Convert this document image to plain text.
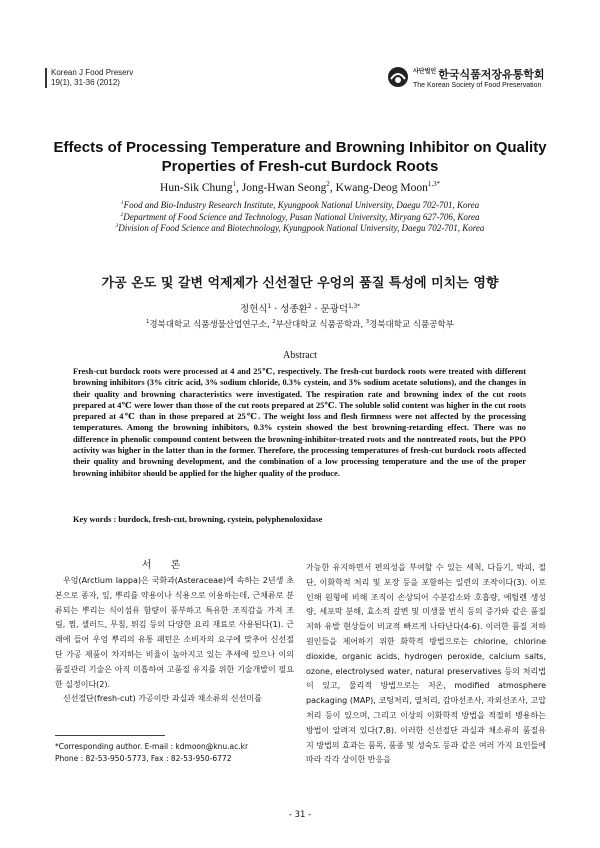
Korean J Food Preserv
19(1), 31-36 (2012)
$^{사단법인}$ 한국식품저장유통학회
The Korean Society of Food Preservation
Effects of Processing Temperature and Browning Inhibitor on Quality
Properties of Fresh-cut Burdock Roots
Hun-Sik Chung$^1$, Jong-Hwan Seong$^2$, Kwang-Deog Moon$^{1,3*}$
$^1$Food and Bio-Industry Research Institute, Kyungpook National University, Daegu 702-701, Korea
$^2$Department of Food Science and Technology, Pusan National University, Miryang 627-706, Korea
$^3$Division of Food Science and Biotechnology, Kyungpook National University, Daegu 702-701, Korea
가공 온도 및 갈변 억제제가 신선절단 우엉의 품질 특성에 미치는 영향
정헌식$^1$ · 성종환$^2$ · 문광덕$^{1,3*}$
$^1$경북대학교 식품생물산업연구소, $^2$부산대학교 식품공학과, $^3$경북대학교 식품공학부
Abstract
Fresh-cut burdock roots were processed at 4 and 25℃, respectively. The fresh-cut burdock roots were treated with different browning inhibitors (3% citric acid, 3% sodium chloride, 0.3% cystein, and 3% sodium acetate solutions), and the changes in their quality and browning characteristics were investigated. The respiration rate and browning index of the cut roots prepared at 4℃ were lower than those of the cut roots prepared at 25℃. The soluble solid content was higher in the cut roots prepared at 4℃ than in those prepared at 25℃. The weight loss and flesh firmness were not affected by the processing temperatures. Among the browning inhibitors, 0.3% cystein showed the best browning-retarding effect. There was no difference in phenolic compound content between the browning-inhibitor-treated roots and the nontreated roots, but the PPO activity was higher in the latter than in the former. Therefore, the processing temperatures of fresh-cut burdock roots affected their quality and browning development, and the combination of a low processing temperature and the use of the proper browning inhibitor should be applied for the higher quality of the produce.
Key words : burdock, fresh-cut, browning, cystein, polyphenoloxidase
서 론

우엉(Arctium lappa)은 국화과(Asteraceae)에 속하는 2년생 초본으로 종자, 잎, 뿌리를 약용이나 식용으로 이용하는데, 근채류로 분류되는 뿌리는 식이섬유 함량이 풍부하고 특유한 조직감을 가져 조림, 찜, 샐러드, 무침, 튀김 등의 다양한 요리 재료로 사용된다(1). 근래에 들어 우엉 뿌리의 유통 패턴은 소비자의 요구에 맞추어 신선절단 가공 제품이 차지하는 비율이 높아지고 있는 추세에 있으나 이의 품질관리 기술은 아직 미흡하여 고품질 유지를 위한 기술개발이 필요한 실정이다(2).

신선절단(fresh-cut) 가공이란 과실과 채소류의 신선미를

가능한 유지하면서 편의성을 부여할 수 있는 세척, 다듬기, 박피, 절단, 이화학적 처리 및 포장 등을 포함하는 일련의 조작이다(3). 이로 인해 원형에 비해 조직이 손상되어 수분감소와 호흡량, 에틸렌 생성량, 세포막 분해, 효소적 갈변 및 미생물 번식 등의 증가와 같은 품질저하 유발 현상들이 비교적 빠르게 나타난다(4-6). 이러한 품질 저하 원인들을 제어하기 위한 화학적 방법으로는 chlorine, chlorine dioxide, organic acids, hydrogen peroxide, calcium salts, ozone, electrolysed water, natural preservatives 등의 처리법이 있고, 물리적 방법으로는 저온, modified atmosphere packaging (MAP), 코팅처리, 열처리, 감마선조사, 자외선조사, 고압처리 등이 있으며, 그리고 이상의 이화학적 방법을 적절히 병용하는 방법이 알려져 있다(7,8). 이러한 신선절단 과실과 채소류의 품질유지 방법의 효과는 품목, 품종 및 성숙도 등과 같은 여러 가지 요인들에 따라 각각 상이한 반응을

*Corresponding author. E-mail : kdmoon@knu.ac.kr
Phone : 82-53-950-5773, Fax : 82-53-950-6772
- 31 -
